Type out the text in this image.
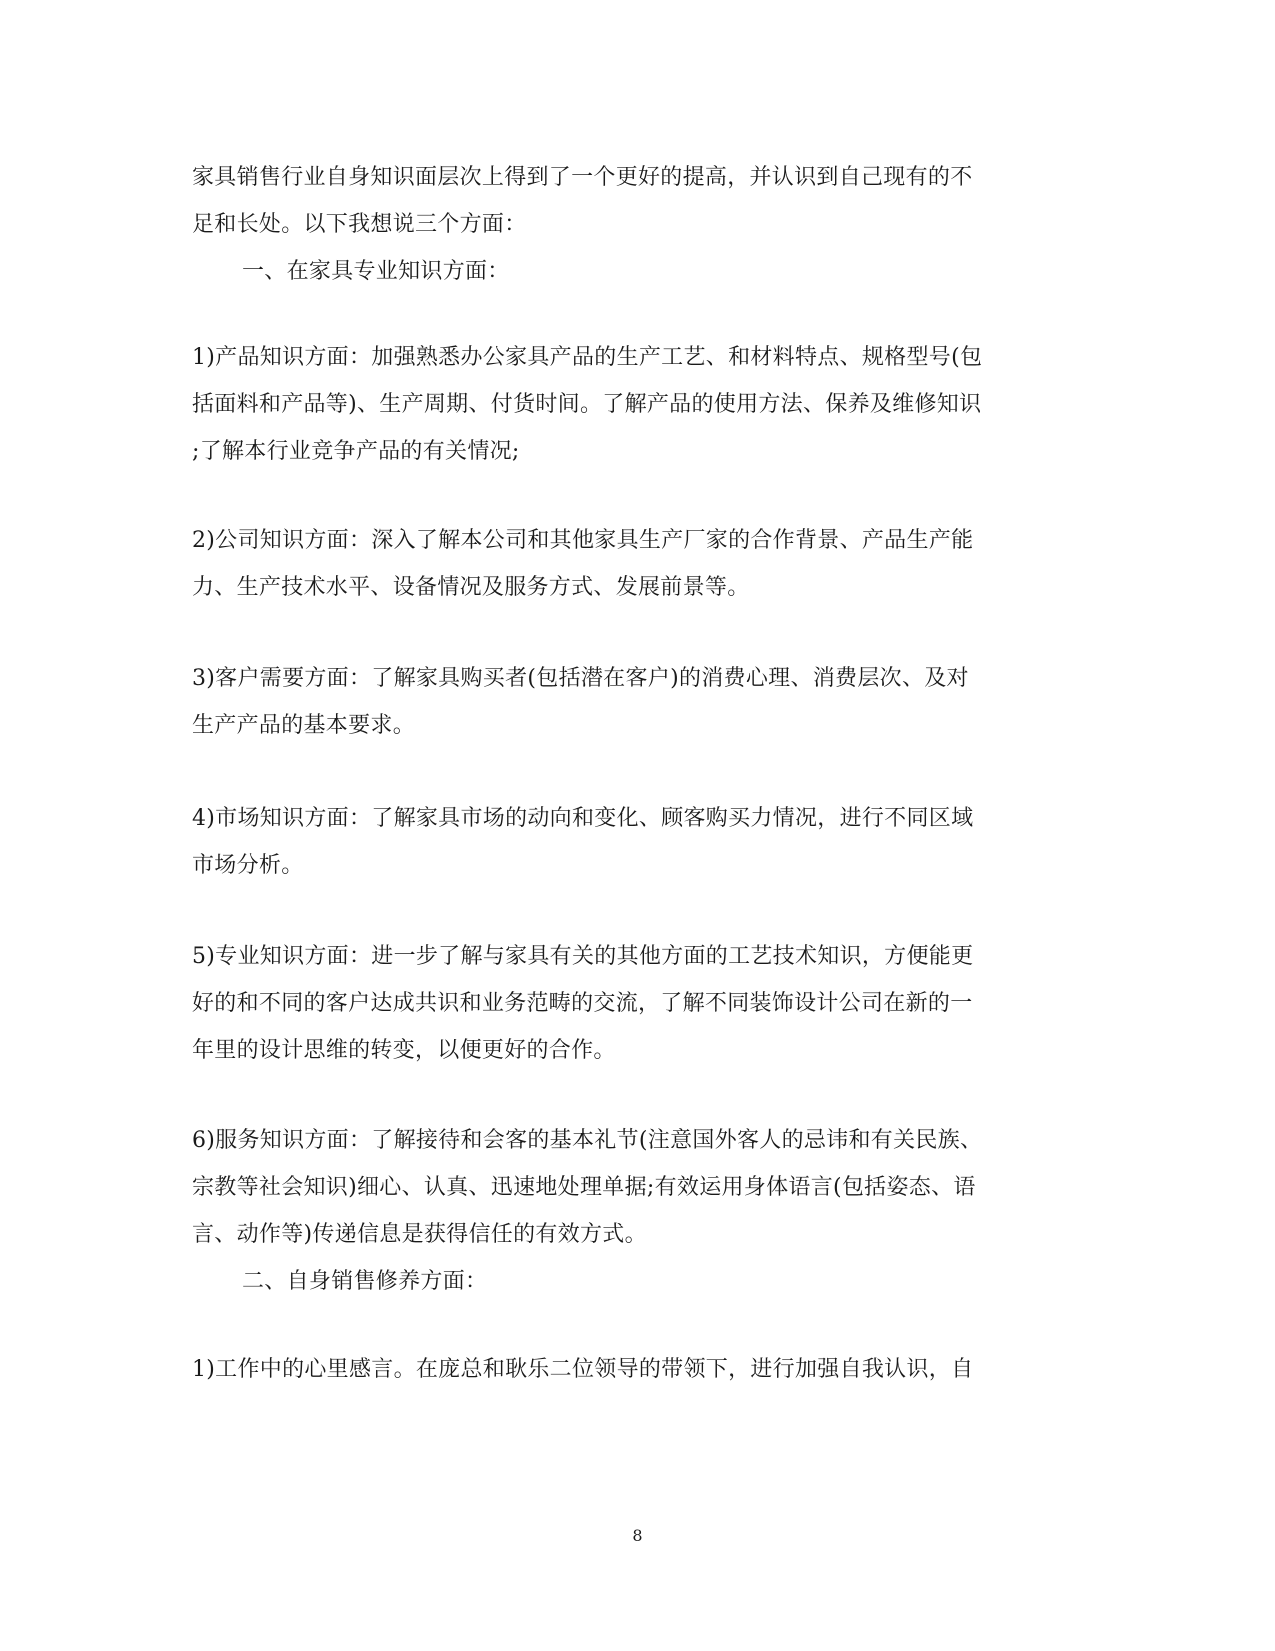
家具销售行业自身知识面层次上得到了一个更好的提高，并认识到自己现有的不
足和长处。以下我想说三个方面：
一、在家具专业知识方面：
1)产品知识方面：加强熟悉办公家具产品的生产工艺、和材料特点、规格型号(包
括面料和产品等)、生产周期、付货时间。了解产品的使用方法、保养及维修知识
;了解本行业竞争产品的有关情况;
2)公司知识方面：深入了解本公司和其他家具生产厂家的合作背景、产品生产能
力、生产技术水平、设备情况及服务方式、发展前景等。
3)客户需要方面：了解家具购买者(包括潜在客户)的消费心理、消费层次、及对
生产产品的基本要求。
4)市场知识方面：了解家具市场的动向和变化、顾客购买力情况，进行不同区域
市场分析。
5)专业知识方面：进一步了解与家具有关的其他方面的工艺技术知识，方便能更
好的和不同的客户达成共识和业务范畴的交流，了解不同装饰设计公司在新的一
年里的设计思维的转变，以便更好的合作。
6)服务知识方面：了解接待和会客的基本礼节(注意国外客人的忌讳和有关民族、
宗教等社会知识)细心、认真、迅速地处理单据;有效运用身体语言(包括姿态、语
言、动作等)传递信息是获得信任的有效方式。
二、自身销售修养方面：
1)工作中的心里感言。在庞总和耿乐二位领导的带领下，进行加强自我认识，自
8
